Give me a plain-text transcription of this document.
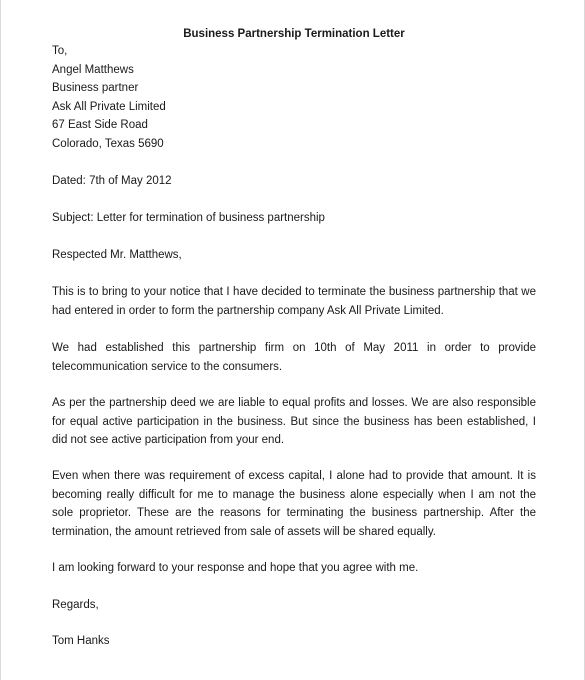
Business Partnership Termination Letter

To,

Angel Matthews

Business partner

Ask All Private Limited

67 East Side Road

Colorado, Texas 5690

Dated: 7th of May 2012

Subject: Letter for termination of business partnership

Respected Mr. Matthews,

This is to bring to your notice that I have decided to terminate the business partnership that we had entered in order to form the partnership company Ask All Private Limited.

We had established this partnership firm on 10th of May 2011 in order to provide telecommunication service to the consumers.

As per the partnership deed we are liable to equal profits and losses. We are also responsible for equal active participation in the business. But since the business has been established, I did not see active participation from your end.

Even when there was requirement of excess capital, I alone had to provide that amount. It is becoming really difficult for me to manage the business alone especially when I am not the sole proprietor. These are the reasons for terminating the business partnership. After the termination, the amount retrieved from sale of assets will be shared equally.

I am looking forward to your response and hope that you agree with me.

Regards,

Tom Hanks
